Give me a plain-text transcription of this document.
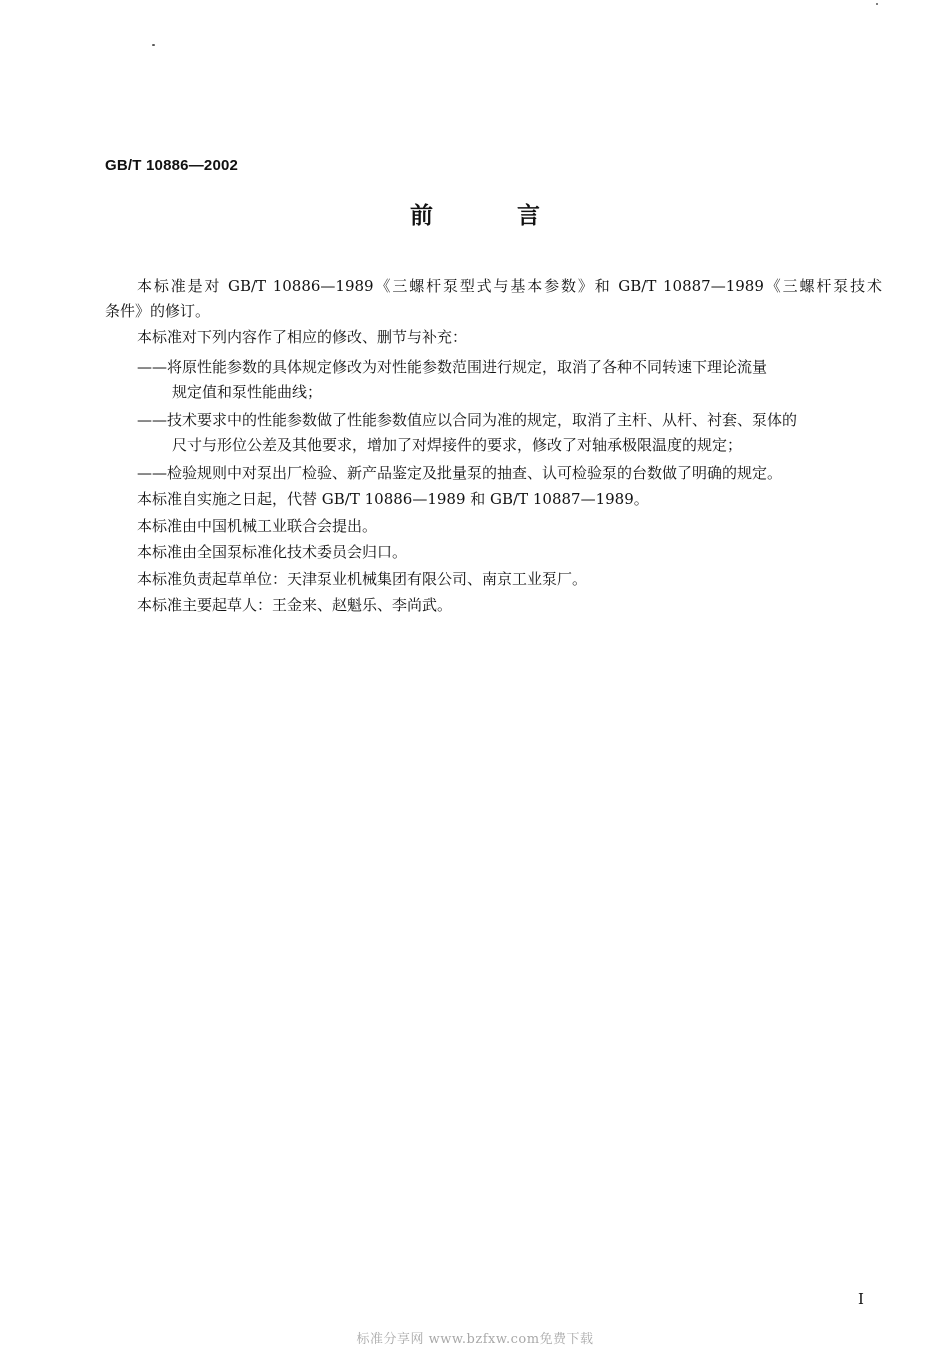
GB/T 10886—2002
前 言
本标准是对 GB/T 10886—1989《三螺杆泵型式与基本参数》和 GB/T 10887—1989《三螺杆泵技术
条件》的修订。
本标准对下列内容作了相应的修改、删节与补充：
——将原性能参数的具体规定修改为对性能参数范围进行规定，取消了各种不同转速下理论流量
规定值和泵性能曲线；
——技术要求中的性能参数做了性能参数值应以合同为准的规定，取消了主杆、从杆、衬套、泵体的
尺寸与形位公差及其他要求，增加了对焊接件的要求，修改了对轴承极限温度的规定；
——检验规则中对泵出厂检验、新产品鉴定及批量泵的抽查、认可检验泵的台数做了明确的规定。
本标准自实施之日起，代替 GB/T 10886—1989 和 GB/T 10887—1989。
本标准由中国机械工业联合会提出。
本标准由全国泵标准化技术委员会归口。
本标准负责起草单位：天津泵业机械集团有限公司、南京工业泵厂。
本标准主要起草人：王金来、赵魁乐、李尚武。
I
标准分享网 www.bzfxw.com免费下载
